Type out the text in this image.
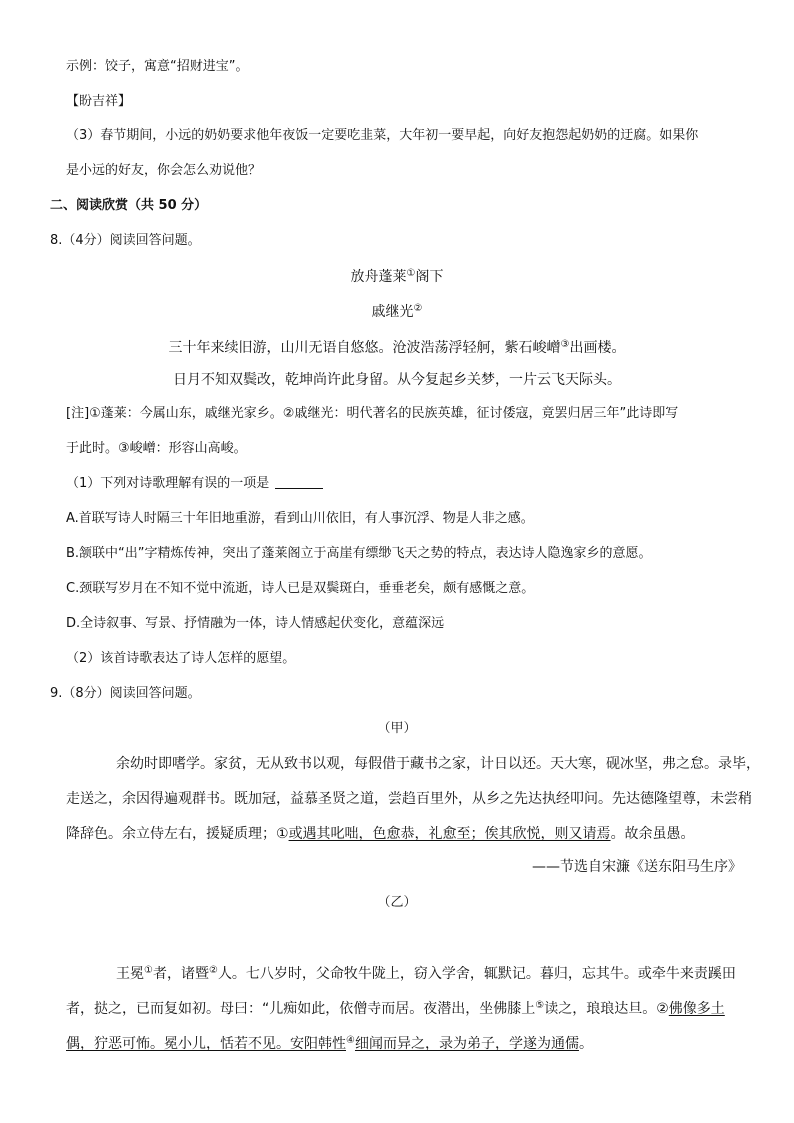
示例：饺子，寓意“招财进宝”。
【盼吉祥】
（3）春节期间，小远的奶奶要求他年夜饭一定要吃韭菜，大年初一要早起，向好友抱怨起奶奶的迂腐。如果你
是小远的好友，你会怎么劝说他？
二、阅读欣赏（共 50 分）
8.（4分）阅读回答问题。
放舟蓬莱①阁下
戚继光②
三十年来续旧游，山川无语自悠悠。沧波浩荡浮轻舸，紫石峻嶒③出画楼。
日月不知双鬓改，乾坤尚许此身留。从今复起乡关梦，一片云飞天际头。
[注]①蓬莱：今属山东，戚继光家乡。②戚继光：明代著名的民族英雄，征讨倭寇，竟罢归居三年”此诗即写
于此时。③峻嶒：形容山高峻。
（1）下列对诗歌理解有误的一项是
A.首联写诗人时隔三十年旧地重游，看到山川依旧，有人事沉浮、物是人非之感。
B.颔联中“出”字精炼传神，突出了蓬莱阁立于高崖有缥缈飞天之势的特点，表达诗人隐逸家乡的意愿。
C.颈联写岁月在不知不觉中流逝，诗人已是双鬓斑白，垂垂老矣，颇有感慨之意。
D.全诗叙事、写景、抒情融为一体，诗人情感起伏变化，意蕴深远
（2）该首诗歌表达了诗人怎样的愿望。
9.（8分）阅读回答问题。
（甲）
余幼时即嗜学。家贫，无从致书以观，每假借于藏书之家，计日以还。天大寒，砚冰坚，弗之怠。录毕，
走送之，余因得遍观群书。既加冠，益慕圣贤之道，尝趋百里外，从乡之先达执经叩问。先达德隆望尊，未尝稍
降辞色。余立侍左右，援疑质理；①或遇其叱咄，色愈恭，礼愈至；俟其欣悦，则又请焉。故余虽愚。
——节选自宋濂《送东阳马生序》
（乙）
王冕①者，诸暨②人。七八岁时，父命牧牛陇上，窃入学舍，辄默记。暮归，忘其牛。或牵牛来责蹊田
者，挞之，已而复如初。母曰：“儿痴如此，依僧寺而居。夜潜出，坐佛膝上⑤读之，琅琅达旦。②佛像多土
偶，狞恶可怖。冕小儿，恬若不见。安阳韩性④细闻而异之，录为弟子，学遂为通儒。
